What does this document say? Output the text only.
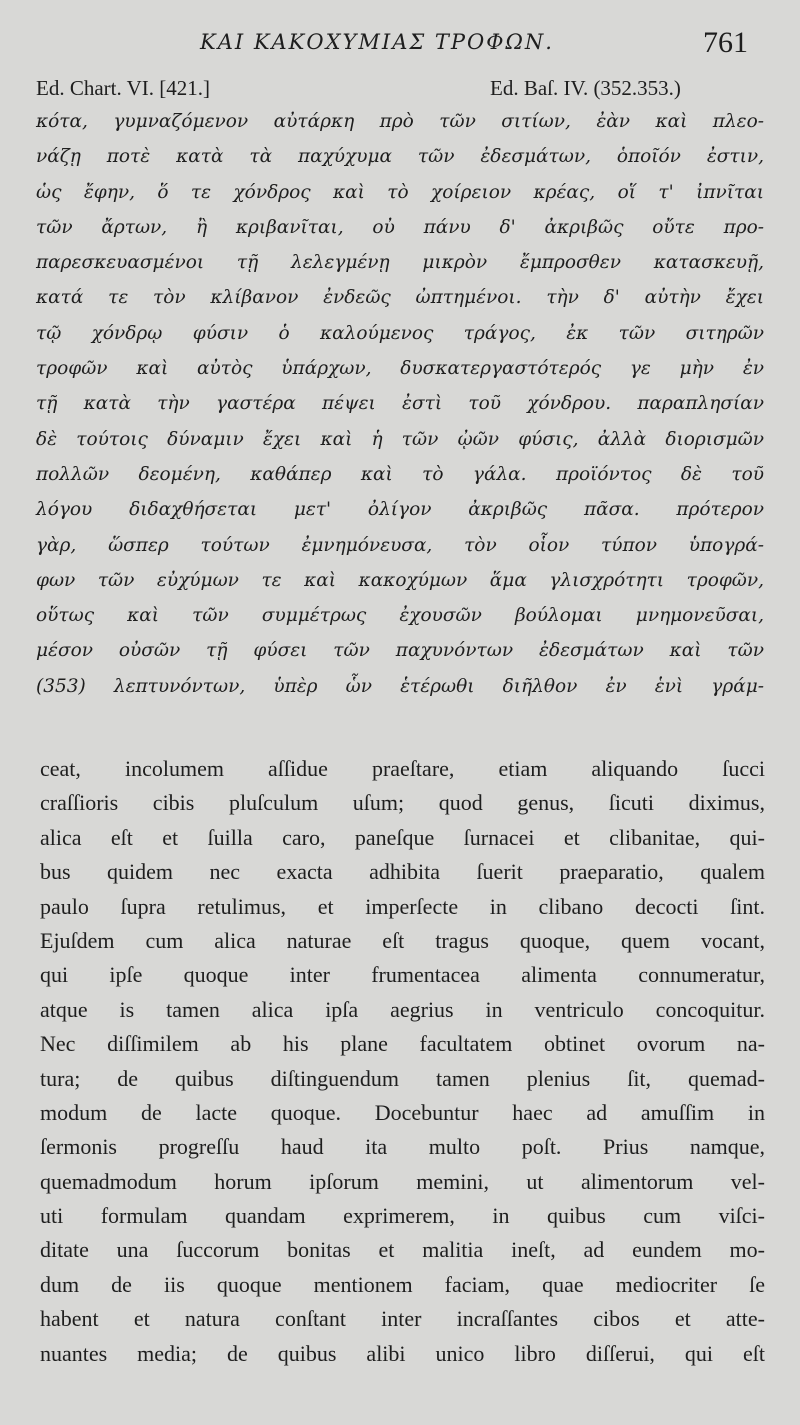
ΚΑΙ ΚΑΚΟΧΥΜΙΑΣ ΤΡΟΦΩΝ.	761
Ed. Chart. VI. [421.]	Ed. Baſ. IV. (352.353.)
κότα, γυμναζόμενον αὐτάρκη πρὸ τῶν σιτίων, ἐὰν καὶ πλεο-
νάζῃ ποτὲ κατὰ τὰ παχύχυμα τῶν ἐδεσμάτων, ὁποῖόν ἐστιν,
ὡς ἔφην, ὅ τε χόνδρος καὶ τὸ χοίρειον κρέας, οἵ τ' ἰπνῖται
τῶν ἄρτων, ἢ κριβανῖται, οὐ πάνυ δ' ἀκριβῶς οὔτε προ-
παρεσκευασμένοι τῇ λελεγμένῃ μικρὸν ἔμπροσθεν κατασκευῇ,
κατά τε τὸν κλίβανον ἐνδεῶς ὠπτημένοι. τὴν δ' αὐτὴν ἔχει
τῷ χόνδρῳ φύσιν ὁ καλούμενος τράγος, ἐκ τῶν σιτηρῶν
τροφῶν καὶ αὐτὸς ὑπάρχων, δυσκατεργαστότερός γε μὴν ἐν
τῇ κατὰ τὴν γαστέρα πέψει ἐστὶ τοῦ χόνδρου. παραπλησίαν
δὲ τούτοις δύναμιν ἔχει καὶ ἡ τῶν ᾠῶν φύσις, ἀλλὰ διορισμῶν
πολλῶν δεομένη, καθάπερ καὶ τὸ γάλα. προϊόντος δὲ τοῦ
λόγου διδαχθήσεται μετ' ὀλίγον ἀκριβῶς πᾶσα. πρότερον
γὰρ, ὥσπερ τούτων ἐμνημόνευσα, τὸν οἷον τύπον ὑπογρά-
φων τῶν εὐχύμων τε καὶ κακοχύμων ἅμα γλισχρότητι τροφῶν,
οὕτως καὶ τῶν συμμέτρως ἐχουσῶν βούλομαι μνημονεῦσαι,
μέσον οὐσῶν τῇ φύσει τῶν παχυνόντων ἐδεσμάτων καὶ τῶν
(353) λεπτυνόντων, ὑπὲρ ὧν ἑτέρωθι διῆλθον ἐν ἑνὶ γράμ-
ceat, incolumem aſſidue praeſtare, etiam aliquando ſucci
craſſioris cibis pluſculum uſum; quod genus, ſicuti diximus,
alica eſt et ſuilla caro, paneſque ſurnacei et clibanitae, qui-
bus quidem nec exacta adhibita ſuerit praeparatio, qualem
paulo ſupra retulimus, et imperſecte in clibano decocti ſint.
Ejuſdem cum alica naturae eſt tragus quoque, quem vocant,
qui ipſe quoque inter frumentacea alimenta connumeratur,
atque is tamen alica ipſa aegrius in ventriculo concoquitur.
Nec diſſimilem ab his plane facultatem obtinet ovorum na-
tura; de quibus diſtinguendum tamen plenius ſit, quemad-
modum de lacte quoque. Docebuntur haec ad amuſſim in
ſermonis progreſſu haud ita multo poſt. Prius namque,
quemadmodum horum ipſorum memini, ut alimentorum vel-
uti formulam quandam exprimerem, in quibus cum viſci-
ditate una ſuccorum bonitas et malitia ineſt, ad eundem mo-
dum de iis quoque mentionem faciam, quae mediocriter ſe
habent et natura conſtant inter incraſſantes cibos et atte-
nuantes media; de quibus alibi unico libro diſſerui, qui eſt
